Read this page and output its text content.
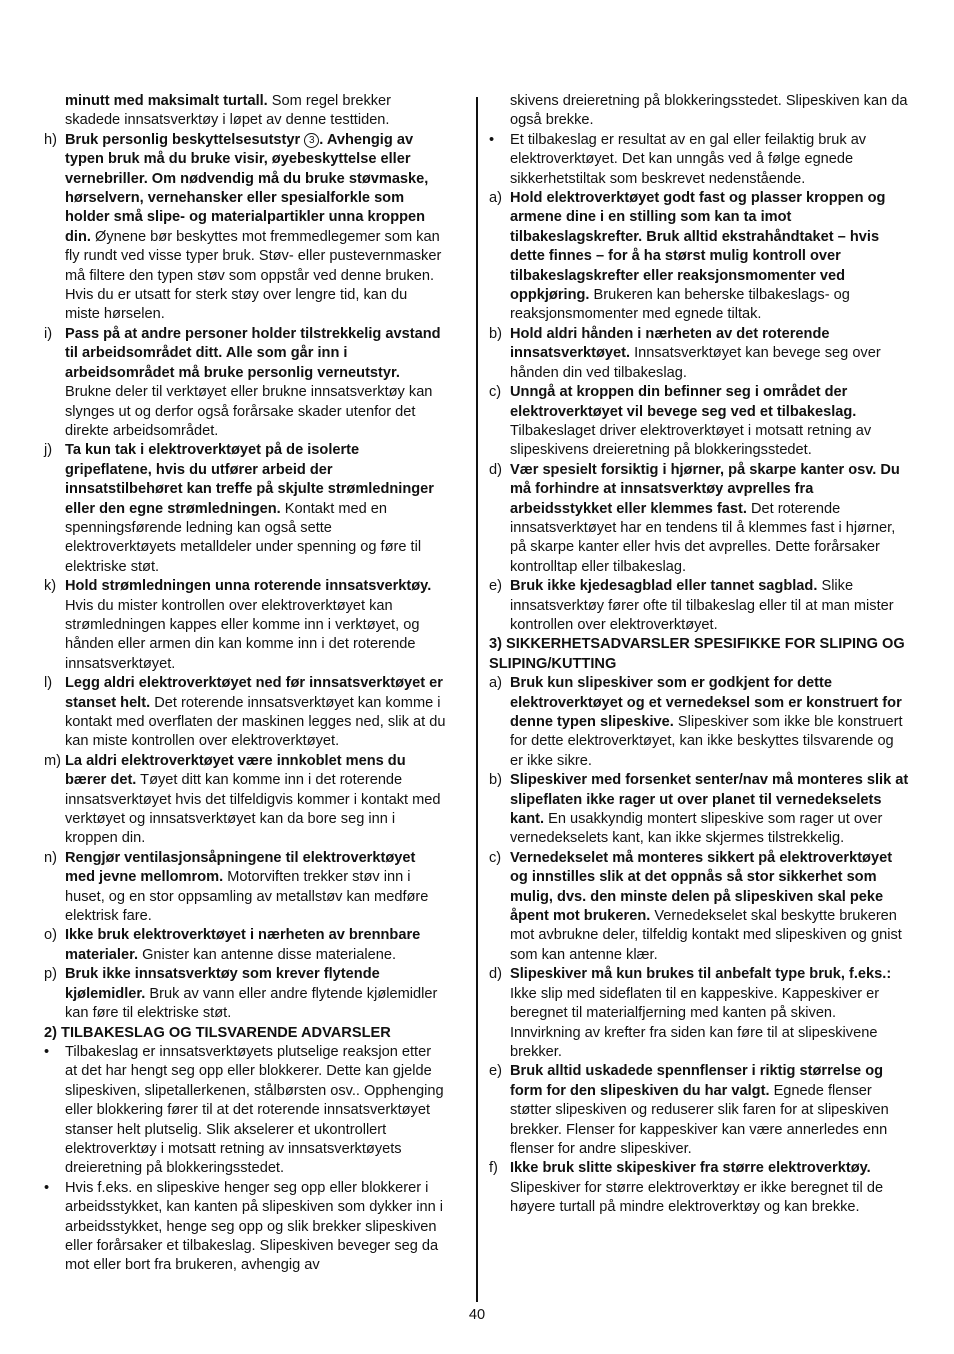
minutt med maksimalt turtall. Som regel brekker skadede innsatsverktøy i løpet av denne testtiden.
h) Bruk personlig beskyttelsesutstyr 3 . Avhengig av typen bruk må du bruke visir, øyebeskyttelse eller vernebriller. Om nødvendig må du bruke støvmaske, hørselvern, vernehansker eller spesialforkle som holder små slipe- og materialpartikler unna kroppen din. Øynene bør beskyttes mot fremmedlegemer som kan fly rundt ved visse typer bruk. Støv- eller pustevernmasker må filtere den typen støv som oppstår ved denne bruken. Hvis du er utsatt for sterk støy over lengre tid, kan du miste hørselen.
i) Pass på at andre personer holder tilstrekkelig avstand til arbeidsområdet ditt. Alle som går inn i arbeidsområdet må bruke personlig verneutstyr. Brukne deler til verktøyet eller brukne innsatsverktøy kan slynges ut og derfor også forårsake skader utenfor det direkte arbeidsområdet.
j) Ta kun tak i elektroverktøyet på de isolerte gripeflatene, hvis du utfører arbeid der innsatstilbehøret kan treffe på skjulte strømledninger eller den egne strømledningen. Kontakt med en spenningsførende ledning kan også sette elektroverktøyets metalldeler under spenning og føre til elektriske støt.
k) Hold strømledningen unna roterende innsatsverktøy. Hvis du mister kontrollen over elektroverktøyet kan strømledningen kappes eller komme inn i verktøyet, og hånden eller armen din kan komme inn i det roterende innsatsverktøyet.
l) Legg aldri elektroverktøyet ned før innsatsverktøyet er stanset helt. Det roterende innsatsverktøyet kan komme i kontakt med overflaten der maskinen legges ned, slik at du kan miste kontrollen over elektroverktøyet.
m) La aldri elektroverktøyet være innkoblet mens du bærer det. Tøyet ditt kan komme inn i det roterende innsatsverktøyet hvis det tilfeldigvis kommer i kontakt med verktøyet og innsatsverktøyet kan da bore seg inn i kroppen din.
n) Rengjør ventilasjonsåpningene til elektroverktøyet med jevne mellomrom. Motorviften trekker støv inn i huset, og en stor oppsamling av metallstøv kan medføre elektrisk fare.
o) Ikke bruk elektroverktøyet i nærheten av brennbare materialer. Gnister kan antenne disse materialene.
p) Bruk ikke innsatsverktøy som krever flytende kjølemidler. Bruk av vann eller andre flytende kjølemidler kan føre til elektriske støt.
2) TILBAKESLAG OG TILSVARENDE ADVARSLER
• Tilbakeslag er innsatsverktøyets plutselige reaksjon etter at det har hengt seg opp eller blokkerer. Dette kan gjelde slipeskiven, slipetallerkenen, stålbørsten osv.. Opphenging eller blokkering fører til at det roterende innsatsverktøyet stanser helt plutselig. Slik akselerer et ukontrollert elektroverktøy i motsatt retning av innsatsverktøyets dreieretning på blokkeringsstedet.
• Hvis f.eks. en slipeskive henger seg opp eller blokkerer i arbeidsstykket, kan kanten på slipeskiven som dykker inn i arbeidsstykket, henge seg opp og slik brekker slipeskiven eller forårsaker et tilbakeslag. Slipeskiven beveger seg da mot eller bort fra brukeren, avhengig av
skivens dreieretning på blokkeringsstedet. Slipeskiven kan da også brekke.
• Et tilbakeslag er resultat av en gal eller feilaktig bruk av elektroverktøyet. Det kan unngås ved å følge egnede sikkerhetstiltak som beskrevet nedenstående.
a) Hold elektroverktøyet godt fast og plasser kroppen og armene dine i en stilling som kan ta imot tilbakeslagskrefter. Bruk alltid ekstrahåndtaket – hvis dette finnes – for å ha størst mulig kontroll over tilbakeslagskrefter eller reaksjonsmomenter ved oppkjøring. Brukeren kan beherske tilbakeslags- og reaksjonsmomenter med egnede tiltak.
b) Hold aldri hånden i nærheten av det roterende innsatsverktøyet. Innsatsverktøyet kan bevege seg over hånden din ved tilbakeslag.
c) Unngå at kroppen din befinner seg i området der elektroverktøyet vil bevege seg ved et tilbakeslag. Tilbakeslaget driver elektroverktøyet i motsatt retning av slipeskivens dreieretning på blokkeringsstedet.
d) Vær spesielt forsiktig i hjørner, på skarpe kanter osv. Du må forhindre at innsatsverktøy avprelles fra arbeidsstykket eller klemmes fast. Det roterende innsatsverktøyet har en tendens til å klemmes fast i hjørner, på skarpe kanter eller hvis det avprelles. Dette forårsaker kontrolltap eller tilbakeslag.
e) Bruk ikke kjedesagblad eller tannet sagblad. Slike innsatsverktøy fører ofte til tilbakeslag eller til at man mister kontrollen over elektroverktøyet.
3) SIKKERHETSADVARSLER SPESIFIKKE FOR SLIPING OG SLIPING/KUTTING
a) Bruk kun slipeskiver som er godkjent for dette elektroverktøyet og et vernedeksel som er konstruert for denne typen slipeskive. Slipeskiver som ikke ble konstruert for dette elektroverktøyet, kan ikke beskyttes tilsvarende og er ikke sikre.
b) Slipeskiver med forsenket senter/nav må monteres slik at slipeflaten ikke rager ut over planet til vernedekselets kant. En usakkyndig montert slipeskive som rager ut over vernedekselets kant, kan ikke skjermes tilstrekkelig.
c) Vernedekselet må monteres sikkert på elektroverktøyet og innstilles slik at det oppnås så stor sikkerhet som mulig, dvs. den minste delen på slipeskiven skal peke åpent mot brukeren. Vernedekselet skal beskytte brukeren mot avbrukne deler, tilfeldig kontakt med slipeskiven og gnist som kan antenne klær.
d) Slipeskiver må kun brukes til anbefalt type bruk, f.eks.: Ikke slip med sideflaten til en kappeskive. Kappeskiver er beregnet til materialfjerning med kanten på skiven. Innvirkning av krefter fra siden kan føre til at slipeskivene brekker.
e) Bruk alltid uskadede spennflenser i riktig størrelse og form for den slipeskiven du har valgt. Egnede flenser støtter slipeskiven og reduserer slik faren for at slipeskiven brekker. Flenser for kappeskiver kan være annerledes enn flenser for andre slipeskiver.
f) Ikke bruk slitte skipeskiver fra større elektroverktøy. Slipeskiver for større elektroverktøy er ikke beregnet til de høyere turtall på mindre elektroverktøy og kan brekke.
40
